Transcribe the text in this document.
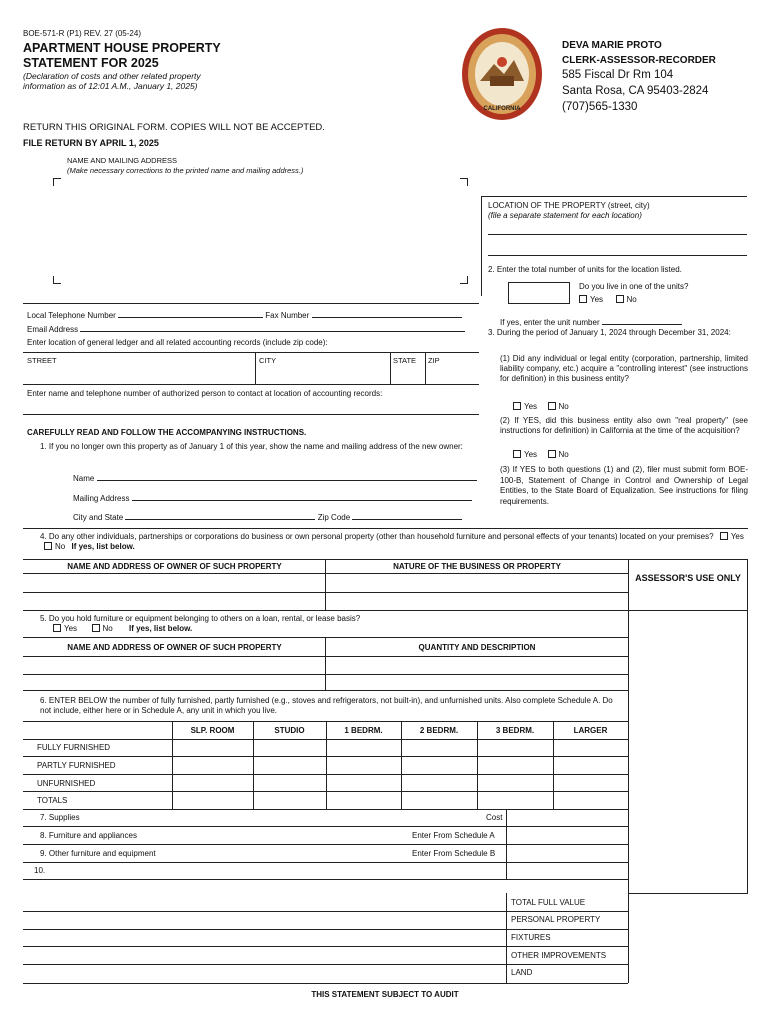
BOE-571-R (P1) REV. 27 (05-24)
APARTMENT HOUSE PROPERTY
STATEMENT FOR 2025
(Declaration of costs and other related property information as of 12:01 A.M., January 1, 2025)
CALIFORNIA
DEVA MARIE PROTO
CLERK-ASSESSOR-RECORDER
585 Fiscal Dr Rm 104
Santa Rosa, CA 95403-2824
(707)565-1330
RETURN THIS ORIGINAL FORM. COPIES WILL NOT BE ACCEPTED.
FILE RETURN BY APRIL 1, 2025
NAME AND MAILING ADDRESS
(Make necessary corrections to the printed name and mailing address.)
LOCATION OF THE PROPERTY (street, city)
(file a separate statement for each location)
2. Enter the total number of units for the location listed.
Do you live in one of the units?
Yes	No
If yes, enter the unit number
Local Telephone Number	Fax Number
Email Address
Enter location of general ledger and all related accounting records (include zip code):
STREET	CITY	STATE ZIP
Enter name and telephone number of authorized person to contact at location of accounting records:
3. During the period of January 1, 2024 through December 31, 2024:
(1) Did any individual or legal entity (corporation, partnership, limited liability company, etc.) acquire a "controlling interest" (see instructions for definition) in this business entity?
Yes	No
(2) If YES, did this business entity also own "real property" (see instructions for definition) in California at the time of the acquisition?
Yes	No
(3) If YES to both questions (1) and (2), filer must submit form BOE-100-B, Statement of Change in Control and Ownership of Legal Entities, to the State Board of Equalization. See instructions for filing requirements.
CAREFULLY READ AND FOLLOW THE ACCOMPANYING INSTRUCTIONS.
1. If you no longer own this property as of January 1 of this year, show the name and mailing address of the new owner:
Name
Mailing Address
City and State	Zip Code
4. Do any other individuals, partnerships or corporations do business or own personal property (other than household furniture and personal effects of your tenants) located on your premises? Yes No If yes, list below.
NAME AND ADDRESS OF OWNER OF SUCH PROPERTY	NATURE OF THE BUSINESS OR PROPERTY
ASSESSOR'S USE ONLY
5. Do you hold furniture or equipment belonging to others on a loan, rental, or lease basis?
Yes	No If yes, list below.
NAME AND ADDRESS OF OWNER OF SUCH PROPERTY	QUANTITY AND DESCRIPTION
6. ENTER BELOW the number of fully furnished, partly furnished (e.g., stoves and refrigerators, not built-in), and unfurnished units. Also complete Schedule A. Do not include, either here or in Schedule A, any unit in which you live.
SLP. ROOM	STUDIO	1 BEDRM.	2 BEDRM.	3 BEDRM.	LARGER
FULLY FURNISHED
PARTLY FURNISHED
UNFURNISHED
TOTALS
7. Supplies	Cost
8. Furniture and appliances	Enter From Schedule A
9. Other furniture and equipment	Enter From Schedule B
10.
TOTAL FULL VALUE
PERSONAL PROPERTY
FIXTURES
OTHER IMPROVEMENTS
LAND
THIS STATEMENT SUBJECT TO AUDIT
